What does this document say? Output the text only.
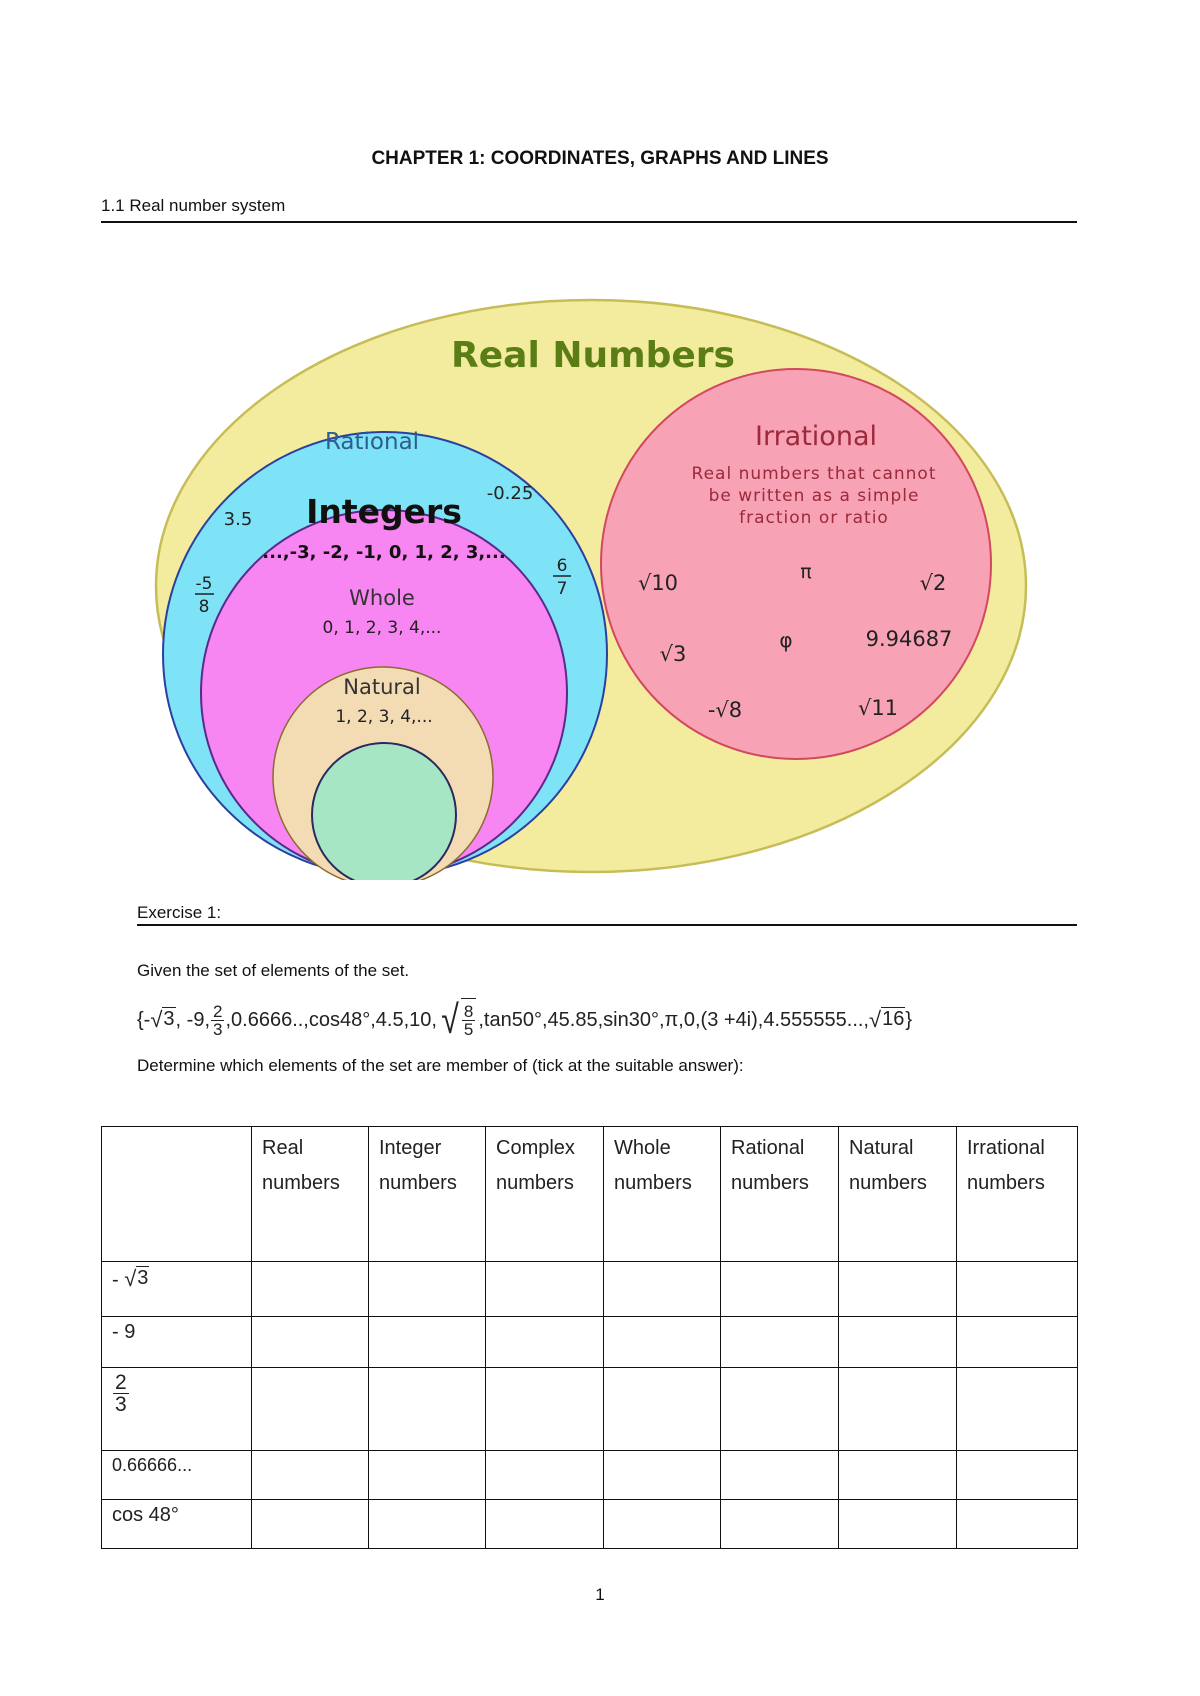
CHAPTER 1: COORDINATES, GRAPHS AND LINES
1.1 Real number system
Real Numbers
Rational
3.5
-0.25
-5
8
6
7
Integers
...,-3, -2, -1, 0, 1, 2, 3,...
Whole
0, 1, 2, 3, 4,...
Natural
1, 2, 3, 4,...
Irrational
Real numbers that cannot
be written as a simple
fraction or ratio
√10	π	√2
√3
φ	9.94687
-√8	√11
Exercise 1:
Given the set of elements of the set.
{- √ 3 , -9, $\frac{2}{3} ,0.6666..,\cos 48^\circ,4.5,10$, √ $\frac{8}{5} ,\tan 50^\circ,45.85,\sin 30^\circ,\pi,0,(3 +4i),4.555555$..., √ 16 }
Determine which elements of the set are member of (tick at the suitable answer):

	Real
numbers	Integer
numbers	Complex
numbers	Whole
numbers	Rational
numbers	Natural
numbers	Irrational
numbers

- √ 3							

- 9							

$\frac{2}{3}$

0.66666...							
cos 48°							
1
